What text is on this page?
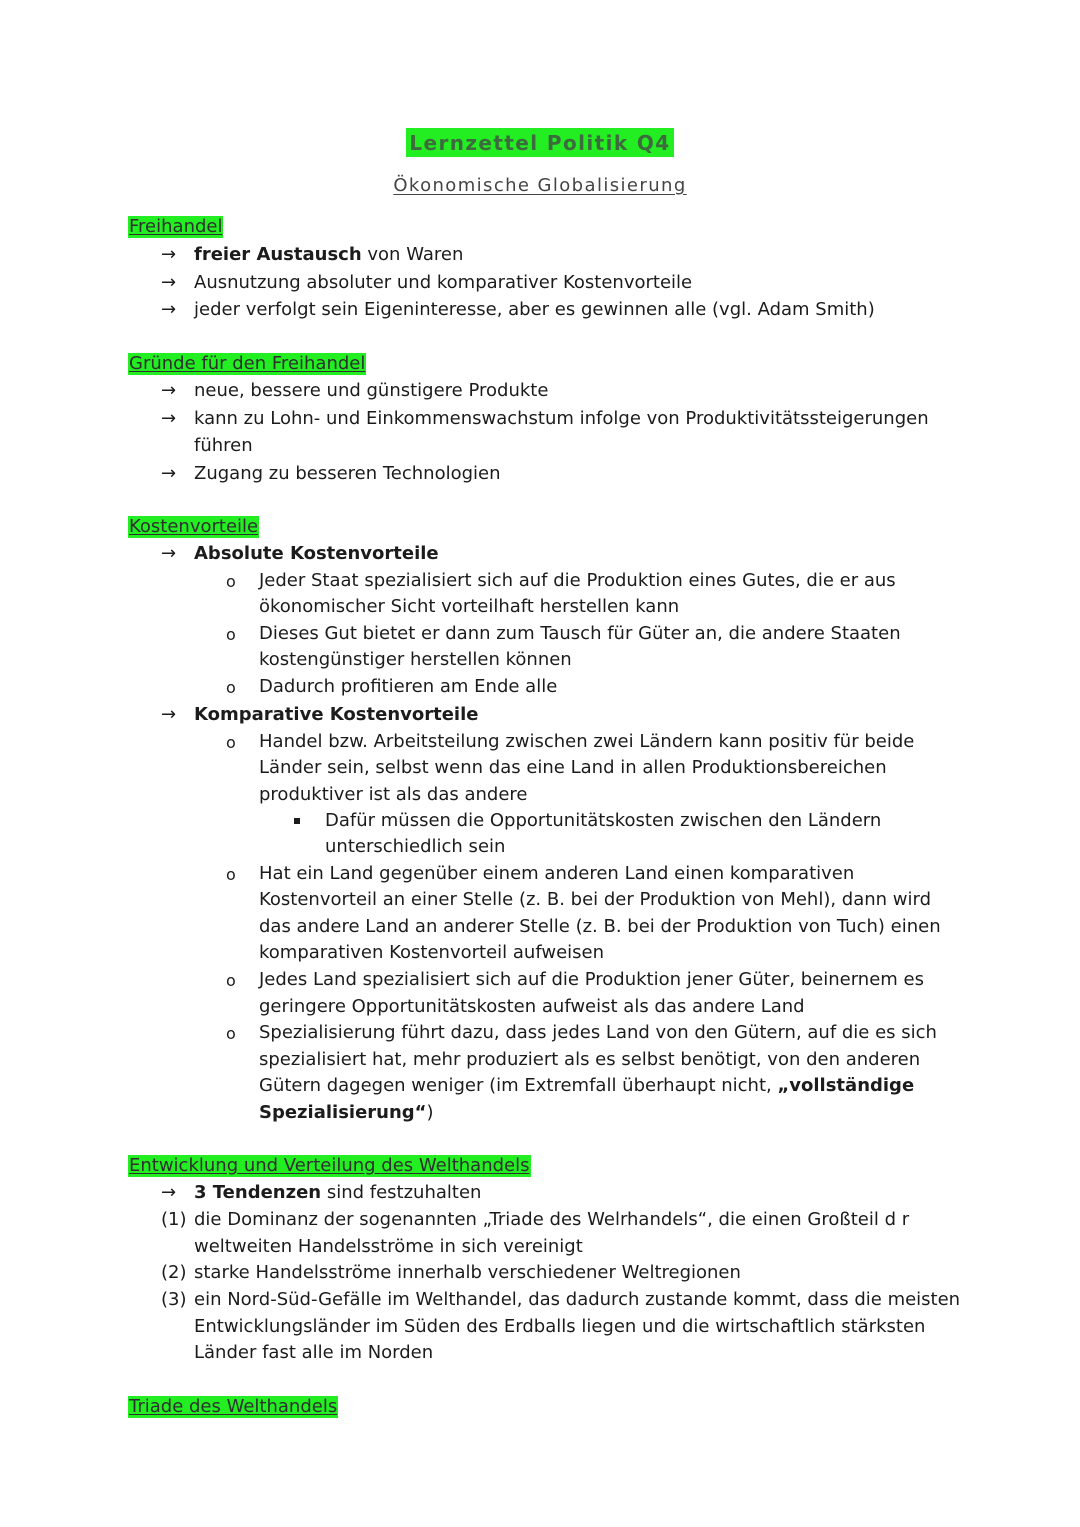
Lernzettel Politik Q4
Ökonomische Globalisierung
Freihandel
→ freier Austausch von Waren
→ Ausnutzung absoluter und komparativer Kostenvorteile
→ jeder verfolgt sein Eigeninteresse, aber es gewinnen alle (vgl. Adam Smith)
Gründe für den Freihandel
→ neue, bessere und günstigere Produkte
→ kann zu Lohn- und Einkommenswachstum infolge von Produktivitätssteigerungen
führen
→ Zugang zu besseren Technologien
Kostenvorteile
→ Absolute Kostenvorteile
o Jeder Staat spezialisiert sich auf die Produktion eines Gutes, die er aus
ökonomischer Sicht vorteilhaft herstellen kann
o Dieses Gut bietet er dann zum Tausch für Güter an, die andere Staaten
kostengünstiger herstellen können
o Dadurch profitieren am Ende alle
→ Komparative Kostenvorteile
o Handel bzw. Arbeitsteilung zwischen zwei Ländern kann positiv für beide
Länder sein, selbst wenn das eine Land in allen Produktionsbereichen
produktiver ist als das andere
Dafür müssen die Opportunitätskosten zwischen den Ländern
unterschiedlich sein
o Hat ein Land gegenüber einem anderen Land einen komparativen
Kostenvorteil an einer Stelle (z. B. bei der Produktion von Mehl), dann wird
das andere Land an anderer Stelle (z. B. bei der Produktion von Tuch) einen
komparativen Kostenvorteil aufweisen
o Jedes Land spezialisiert sich auf die Produktion jener Güter, beinernem es
geringere Opportunitätskosten aufweist als das andere Land
o Spezialisierung führt dazu, dass jedes Land von den Gütern, auf die es sich
spezialisiert hat, mehr produziert als es selbst benötigt, von den anderen
Gütern dagegen weniger (im Extremfall überhaupt nicht, „vollständige
Spezialisierung“)
Entwicklung und Verteilung des Welthandels
→ 3 Tendenzen sind festzuhalten
(1) die Dominanz der sogenannten „Triade des Welrhandels“, die einen Großteil d r
weltweiten Handelsströme in sich vereinigt
(2) starke Handelsströme innerhalb verschiedener Weltregionen
(3) ein Nord-Süd-Gefälle im Welthandel, das dadurch zustande kommt, dass die meisten
Entwicklungsländer im Süden des Erdballs liegen und die wirtschaftlich stärksten
Länder fast alle im Norden
Triade des Welthandels
